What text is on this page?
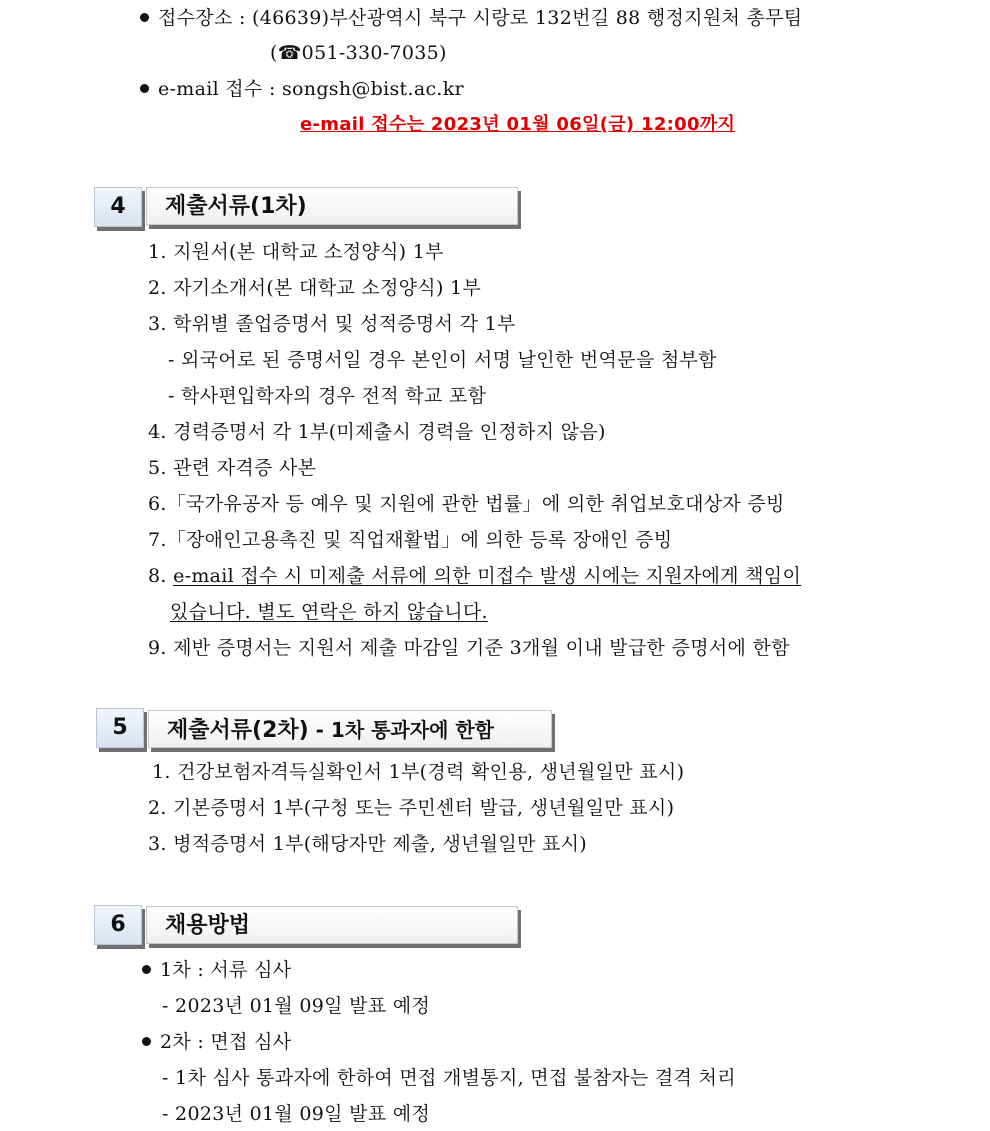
접수장소 : (46639)부산광역시 북구 시랑로 132번길 88 행정지원처 총무팀
(☎051-330-7035)
e-mail 접수 : songsh@bist.ac.kr
e-mail 접수는 2023년 01월 06일(금) 12:00까지
4	제출서류(1차)
1. 지원서(본 대학교 소정양식) 1부
2. 자기소개서(본 대학교 소정양식) 1부
3. 학위별 졸업증명서 및 성적증명서 각 1부
- 외국어로 된 증명서일 경우 본인이 서명 날인한 번역문을 첨부함
- 학사편입학자의 경우 전적 학교 포함
4. 경력증명서 각 1부(미제출시 경력을 인정하지 않음)
5. 관련 자격증 사본
6.「국가유공자 등 예우 및 지원에 관한 법률」에 의한 취업보호대상자 증빙
7.「장애인고용촉진 및 직업재활법」에 의한 등록 장애인 증빙
8. e-mail 접수 시 미제출 서류에 의한 미접수 발생 시에는 지원자에게 책임이
있습니다. 별도 연락은 하지 않습니다.
9. 제반 증명서는 지원서 제출 마감일 기준 3개월 이내 발급한 증명서에 한함
5	제출서류(2차) - 1차 통과자에 한함
1. 건강보험자격득실확인서 1부(경력 확인용, 생년월일만 표시)
2. 기본증명서 1부(구청 또는 주민센터 발급, 생년월일만 표시)
3. 병적증명서 1부(해당자만 제출, 생년월일만 표시)
6	채용방법
1차 : 서류 심사
- 2023년 01월 09일 발표 예정
2차 : 면접 심사
- 1차 심사 통과자에 한하여 면접 개별통지, 면접 불참자는 결격 처리
- 2023년 01월 09일 발표 예정
